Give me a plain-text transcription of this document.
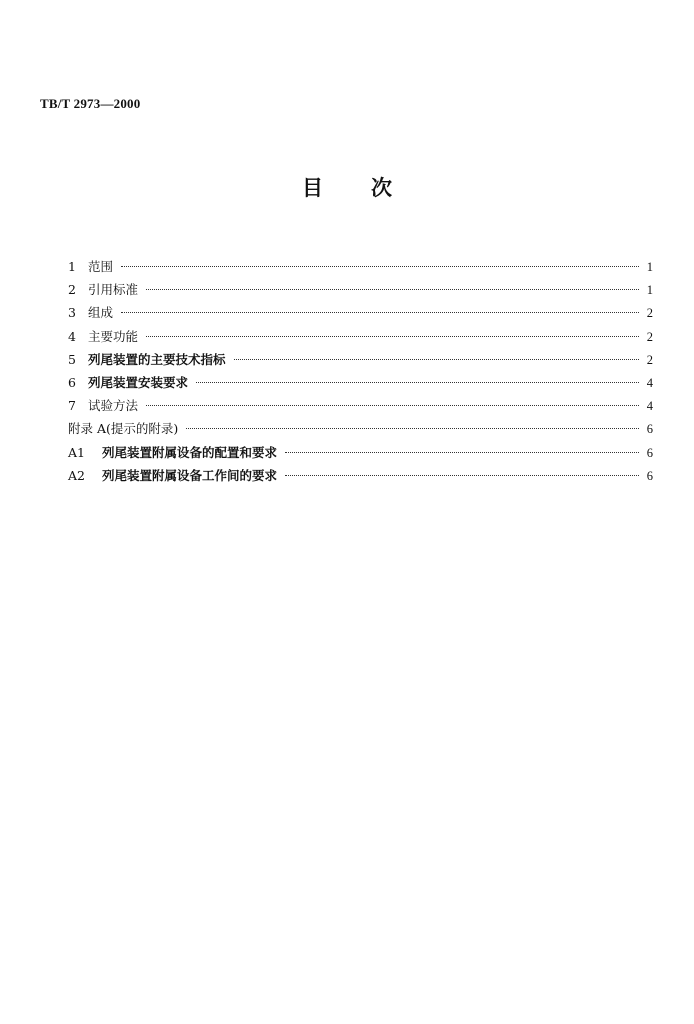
TB/T 2973—2000
目次
1 范围	1
2 引用标准	1
3 组成	2
4 主要功能	2
5 列尾装置的主要技术指标	2
6 列尾装置安装要求	4
7 试验方法	4
附录 A(提示的附录)	6
A1	列尾装置附属设备的配置和要求	6
A2	列尾装置附属设备工作间的要求	6
